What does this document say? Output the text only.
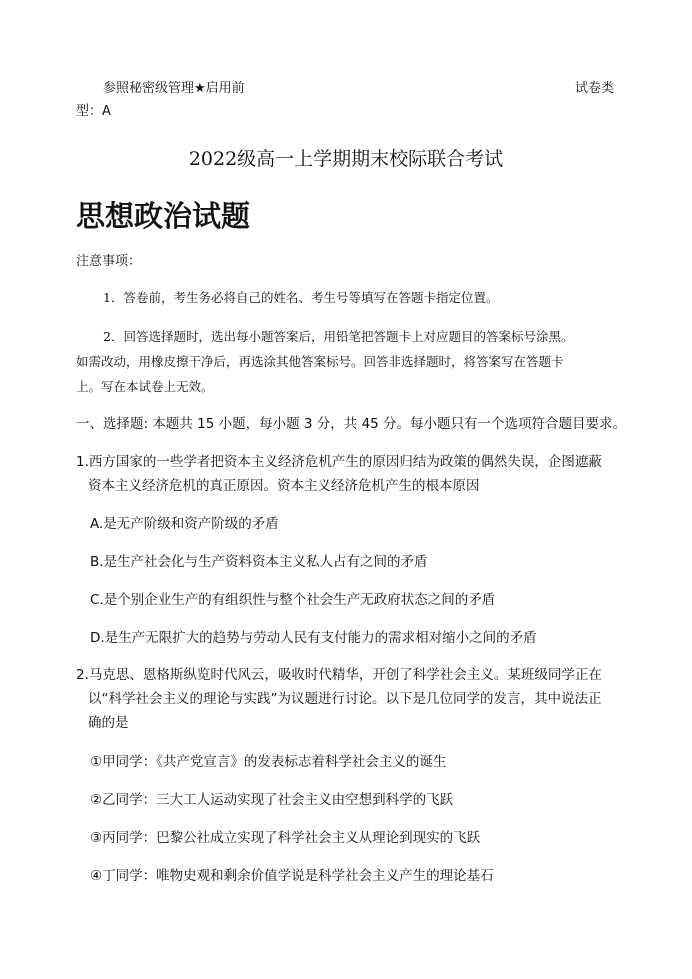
参照秘密级管理★启用前	试卷类
型：A
2022级高一上学期期末校际联合考试
思想政治试题
注意事项：
1．答卷前，考生务必将自己的姓名、考生号等填写在答题卡指定位置。
2．回答选择题时，选出每小题答案后，用铅笔把答题卡上对应题目的答案标号涂黑。
如需改动，用橡皮擦干净后，再选涂其他答案标号。回答非选择题时，将答案写在答题卡
上。写在本试卷上无效。
一、选择题: 本题共 15 小题，每小题 3 分，共 45 分。每小题只有一个选项符合题目要求。
1.西方国家的一些学者把资本主义经济危机产生的原因归结为政策的偶然失误，企图遮蔽
资本主义经济危机的真正原因。资本主义经济危机产生的根本原因
A.是无产阶级和资产阶级的矛盾
B.是生产社会化与生产资料资本主义私人占有之间的矛盾
C.是个别企业生产的有组织性与整个社会生产无政府状态之间的矛盾
D.是生产无限扩大的趋势与劳动人民有支付能力的需求相对缩小之间的矛盾
2.马克思、恩格斯纵览时代风云，吸收时代精华，开创了科学社会主义。某班级同学正在
以“科学社会主义的理论与实践”为议题进行讨论。以下是几位同学的发言，其中说法正
确的是
①甲同学：《共产党宣言》的发表标志着科学社会主义的诞生
②乙同学：三大工人运动实现了社会主义由空想到科学的飞跃
③丙同学：巴黎公社成立实现了科学社会主义从理论到现实的飞跃
④丁同学：唯物史观和剩余价值学说是科学社会主义产生的理论基石
